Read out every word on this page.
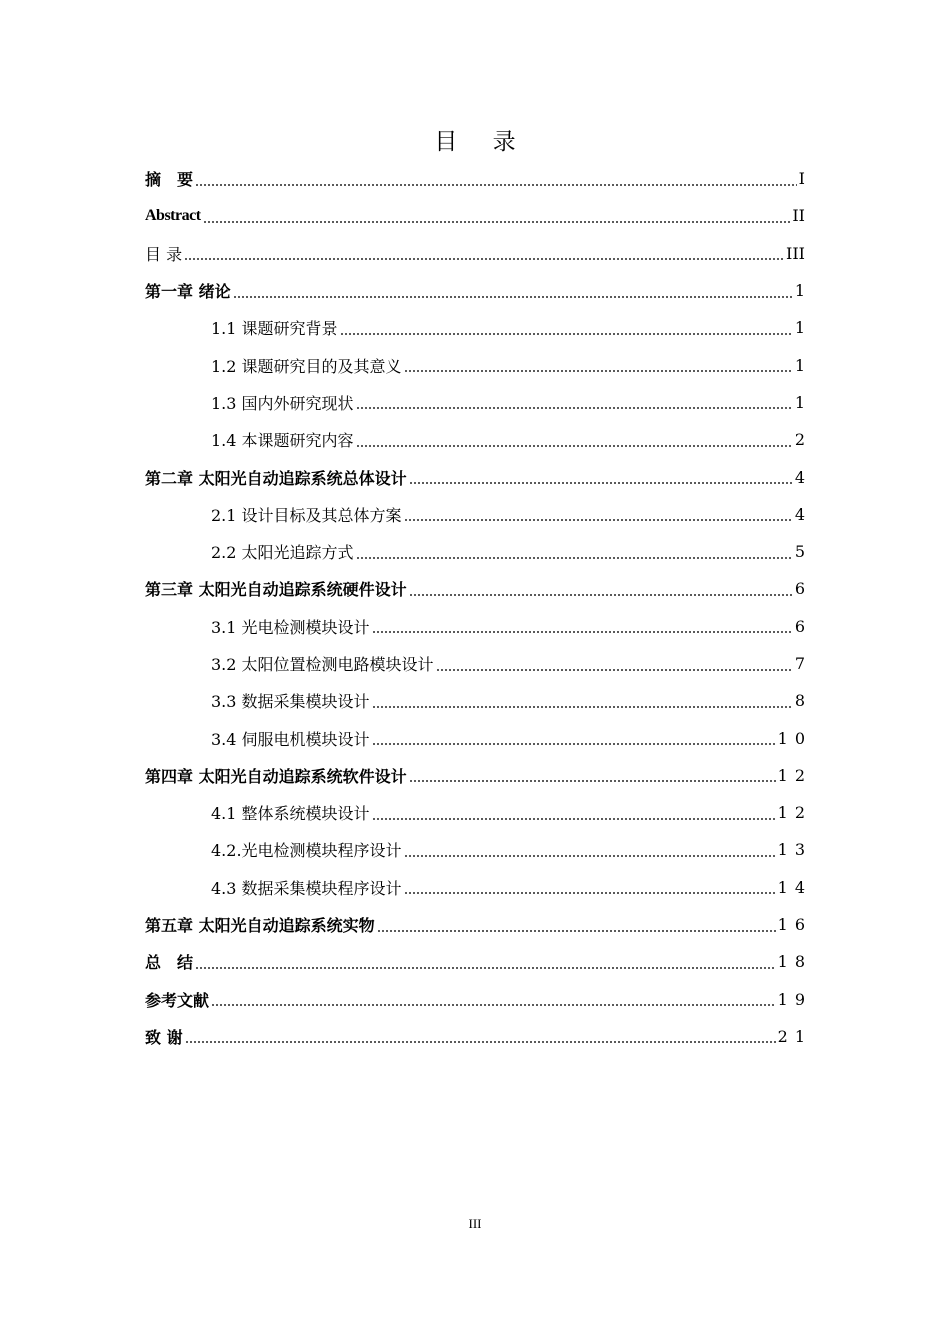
目 录
摘　要	I
Abstract	II
目 录	III
第一章 绪论	1
1.1 课题研究背景	1
1.2 课题研究目的及其意义	1
1.3 国内外研究现状	1
1.4 本课题研究内容	2
第二章 太阳光自动追踪系统总体设计	4
2.1 设计目标及其总体方案	4
2.2 太阳光追踪方式	5
第三章 太阳光自动追踪系统硬件设计	6
3.1 光电检测模块设计	6
3.2 太阳位置检测电路模块设计	7
3.3 数据采集模块设计	8
3.4 伺服电机模块设计	10
第四章 太阳光自动追踪系统软件设计	12
4.1 整体系统模块设计	12
4.2.光电检测模块程序设计	13
4.3 数据采集模块程序设计	14
第五章 太阳光自动追踪系统实物	16
总　结	18
参考文献	19
致 谢	21
III
